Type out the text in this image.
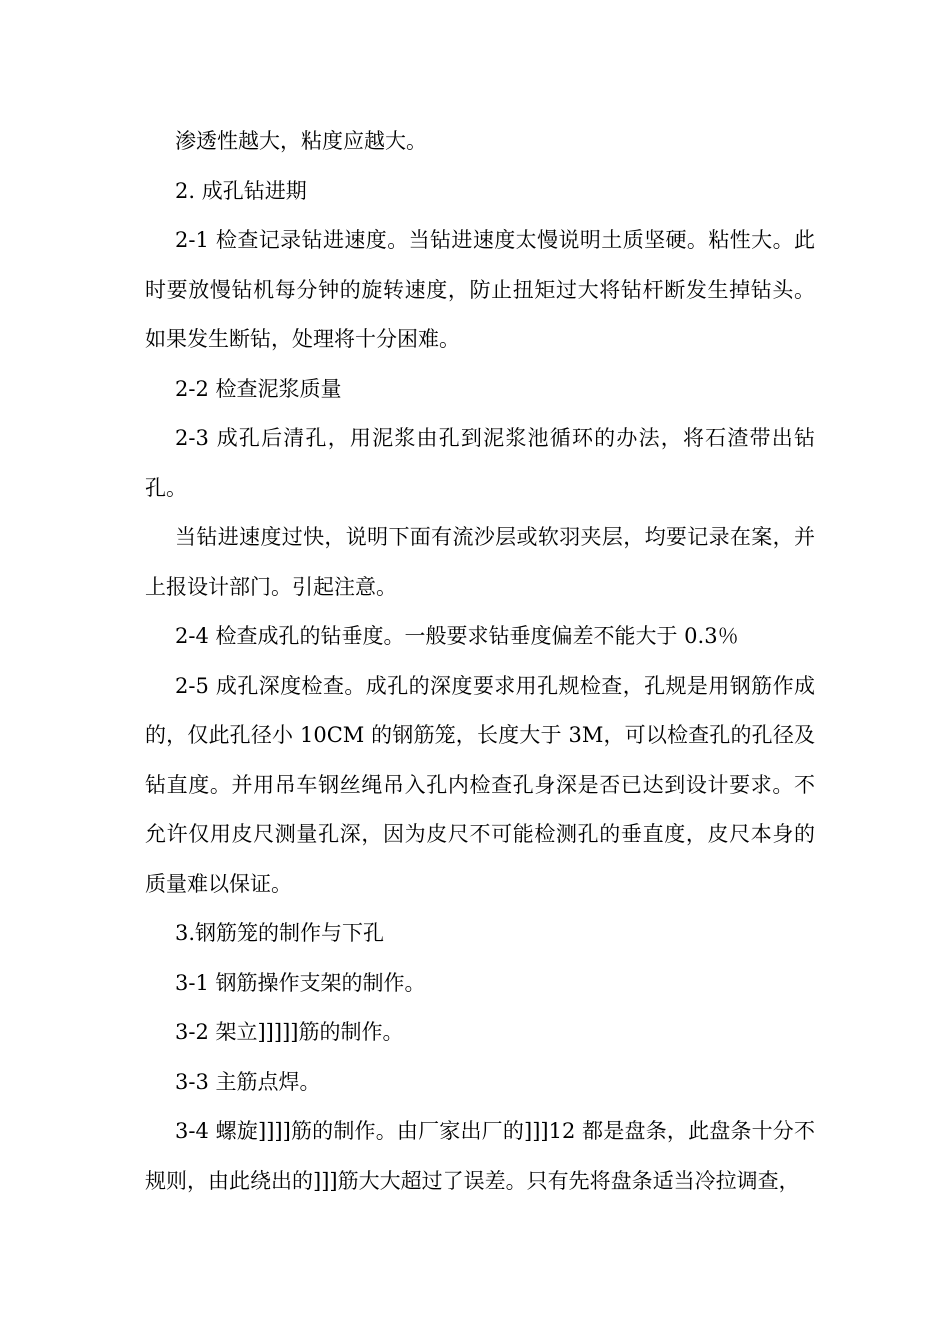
渗透性越大，粘度应越大。

2. 成孔钻进期

2-1 检查记录钻进速度。当钻进速度太慢说明土质坚硬。粘性大。此时要放慢钻机每分钟的旋转速度，防止扭矩过大将钻杆断发生掉钻头。如果发生断钻，处理将十分困难。

2-2 检查泥浆质量

2-3 成孔后清孔，用泥浆由孔到泥浆池循环的办法，将石渣带出钻孔。

当钻进速度过快，说明下面有流沙层或软羽夹层，均要记录在案，并上报设计部门。引起注意。

2-4 检查成孔的钻垂度。一般要求钻垂度偏差不能大于 0.3％

2-5 成孔深度检查。成孔的深度要求用孔规检查，孔规是用钢筋作成的，仅此孔径小 10CM 的钢筋笼，长度大于 3M，可以检查孔的孔径及钻直度。并用吊车钢丝绳吊入孔内检查孔身深是否已达到设计要求。不允许仅用皮尺测量孔深，因为皮尺不可能检测孔的垂直度，皮尺本身的质量难以保证。

3.钢筋笼的制作与下孔

3-1 钢筋操作支架的制作。

3-2 架立]]]]]筋的制作。

3-3 主筋点焊。

3-4 螺旋]]]]筋的制作。由厂家出厂的]]]12 都是盘条，此盘条十分不规则，由此绕出的]]]筋大大超过了误差。只有先将盘条适当冷拉调查，
